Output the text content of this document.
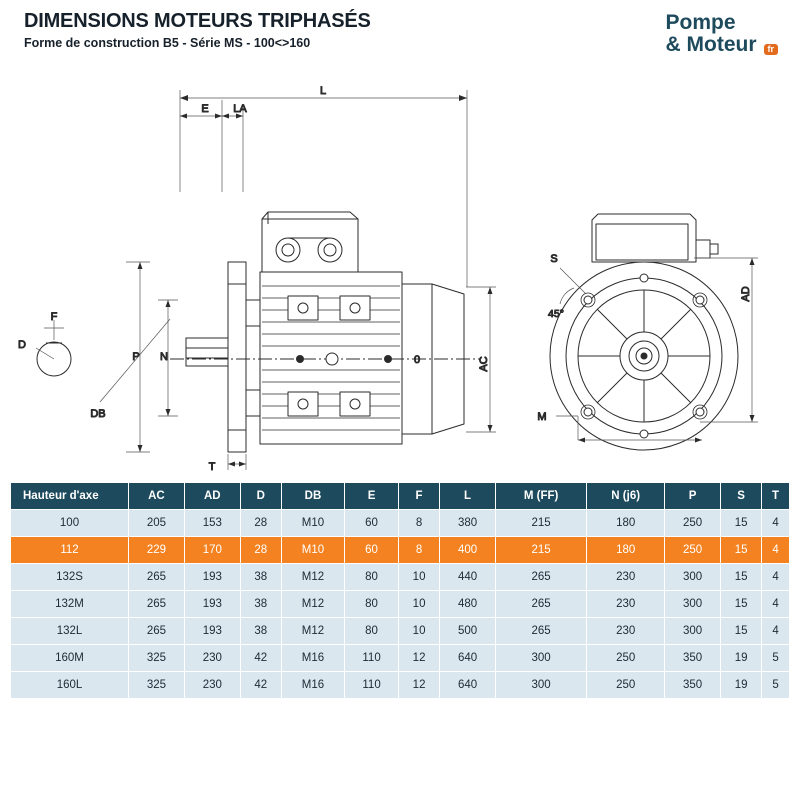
DIMENSIONS MOTEURS TRIPHASÉS
Forme de construction B5 - Série MS - 100<>160
Pompe
& Moteur	fr
L
E LA
0	AC
P N
T
DB
D
F
S
45°
M
AD
Hauteur d'axe	AC	AD	D	DB	E	F	L	M (FF)	N (j6)	P	S	T
100	205	153	28	M10	60	8	380	215	180	250	15	4
112	229	170	28	M10	60	8	400	215	180	250	15	4
132S	265	193	38	M12	80	10	440	265	230	300	15	4
132M	265	193	38	M12	80	10	480	265	230	300	15	4
132L	265	193	38	M12	80	10	500	265	230	300	15	4
160M	325	230	42	M16	110	12	640	300	250	350	19	5
160L	325	230	42	M16	110	12	640	300	250	350	19	5
